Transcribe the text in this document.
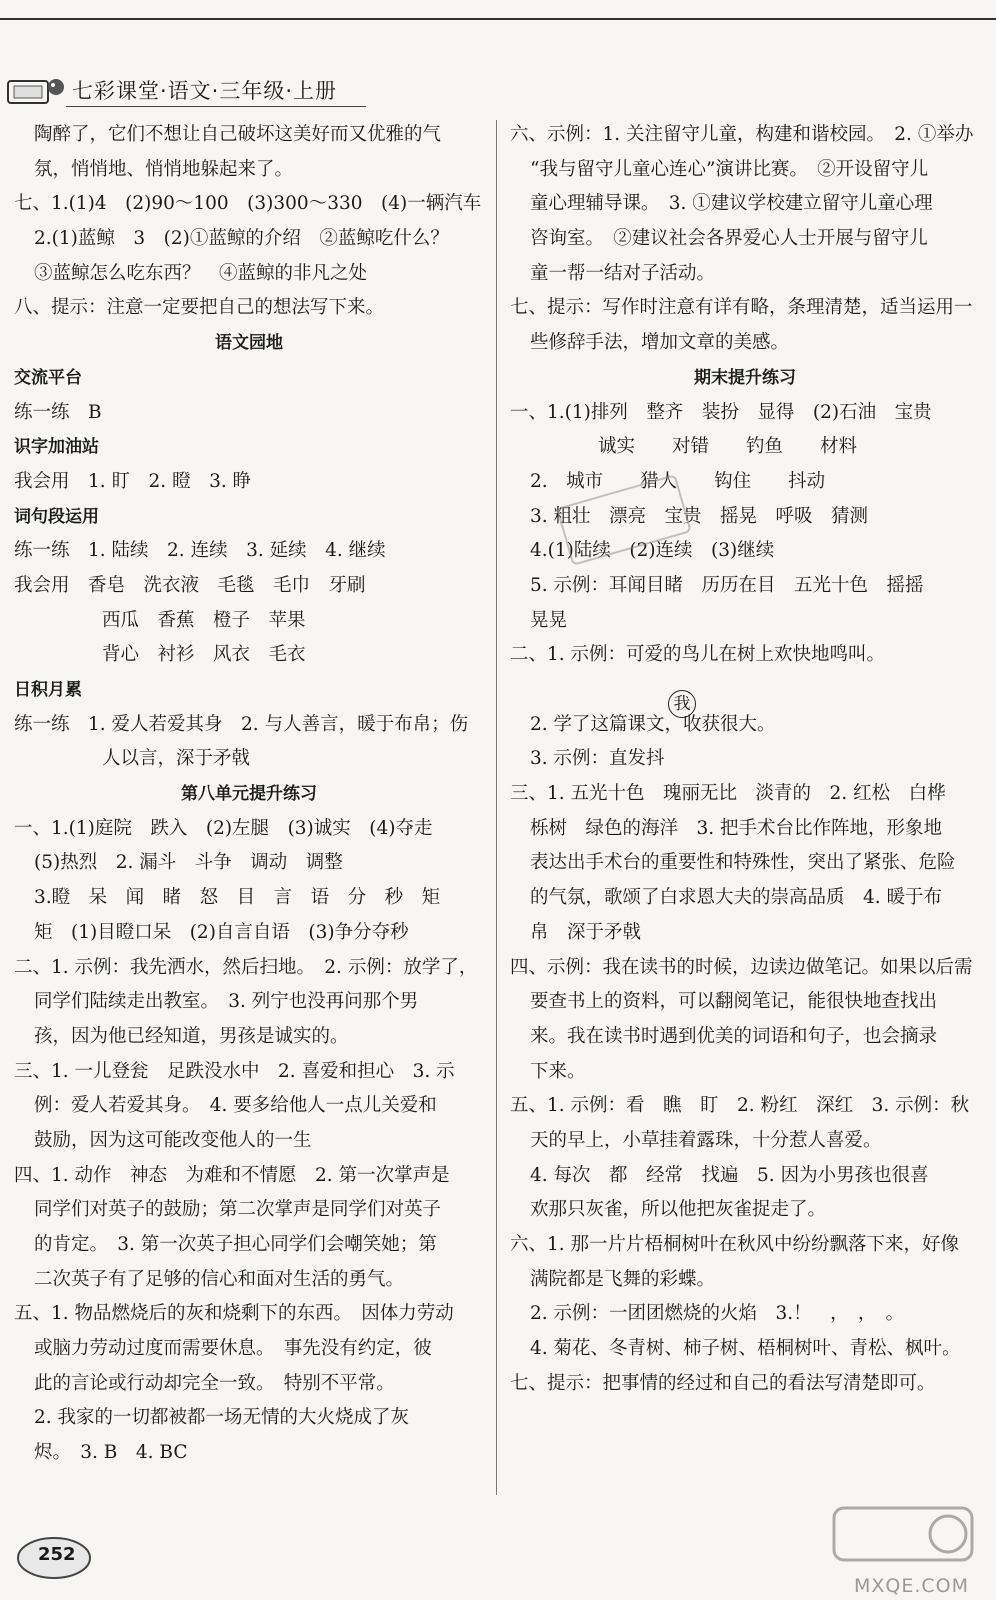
七彩课堂·语文·三年级·上册
陶醉了，它们不想让自己破坏这美好而又优雅的气
氛，悄悄地、悄悄地躲起来了。
七、1.(1)4　(2)90～100　(3)300～330　(4)一辆汽车
2.(1)蓝鲸　3　(2)①蓝鲸的介绍　②蓝鲸吃什么？
③蓝鲸怎么吃东西？　④蓝鲸的非凡之处
八、提示：注意一定要把自己的想法写下来。
语文园地
交流平台
练一练　B
识字加油站
我会用　1. 盯　2. 瞪　3. 睁
词句段运用
练一练　1. 陆续　2. 连续　3. 延续　4. 继续
我会用　香皂　洗衣液　毛毯　毛巾　牙刷
西瓜　香蕉　橙子　苹果
背心　衬衫　风衣　毛衣
日积月累
练一练　1. 爱人若爱其身　2. 与人善言，暖于布帛；伤
人以言，深于矛戟
第八单元提升练习
一、1.(1)庭院　跌入　(2)左腿　(3)诚实　(4)夺走
(5)热烈　2. 漏斗　斗争　调动　调整
3.瞪　呆　闻　睹　怒　目　言　语　分　秒　矩
矩　(1)目瞪口呆　(2)自言自语　(3)争分夺秒
二、1. 示例：我先洒水，然后扫地。　2. 示例：放学了，
同学们陆续走出教室。　3. 列宁也没再问那个男
孩，因为他已经知道，男孩是诚实的。
三、1. 一儿登瓮　足跌没水中　2. 喜爱和担心　3. 示
例：爱人若爱其身。　4. 要多给他人一点儿关爱和
鼓励，因为这可能改变他人的一生
四、1. 动作　神态　为难和不情愿　2. 第一次掌声是
同学们对英子的鼓励；第二次掌声是同学们对英子
的肯定。　3. 第一次英子担心同学们会嘲笑她；第
二次英子有了足够的信心和面对生活的勇气。
五、1. 物品燃烧后的灰和烧剩下的东西。　因体力劳动
或脑力劳动过度而需要休息。　事先没有约定，彼
此的言论或行动却完全一致。　特别不平常。
2. 我家的一切都被都一场无情的大火烧成了灰
烬。　3. B　4. BC
六、示例：1. 关注留守儿童，构建和谐校园。　2. ①举办
“我与留守儿童心连心”演讲比赛。　②开设留守儿
童心理辅导课。　3. ①建议学校建立留守儿童心理
咨询室。　②建议社会各界爱心人士开展与留守儿
童一帮一结对子活动。
七、提示：写作时注意有详有略，条理清楚，适当运用一
些修辞手法，增加文章的美感。
期末提升练习
一、1.(1)排列　整齐　装扮　显得　(2)石油　宝贵
诚实　　对错　　钓鱼　　材料
2.　城市　　猎人　　钩住　　抖动
3. 粗壮　漂亮　宝贵　摇晃　呼吸　猜测
4.(1)陆续　(2)连续　(3)继续
5. 示例：耳闻目睹　历历在目　五光十色　摇摇
晃晃
二、1. 示例：可爱的鸟儿在树上欢快地鸣叫。
2. 学了这篇课文，收获很大。
3. 示例：直发抖
三、1. 五光十色　瑰丽无比　淡青的　2. 红松　白桦
栎树　绿色的海洋　3. 把手术台比作阵地，形象地
表达出手术台的重要性和特殊性，突出了紧张、危险
的气氛，歌颂了白求恩大夫的崇高品质　4. 暖于布
帛　深于矛戟
四、示例：我在读书的时候，边读边做笔记。如果以后需
要查书上的资料，可以翻阅笔记，能很快地查找出
来。我在读书时遇到优美的词语和句子，也会摘录
下来。
五、1. 示例：看　瞧　盯　2. 粉红　深红　3. 示例：秋
天的早上，小草挂着露珠，十分惹人喜爱。
4. 每次　都　经常　找遍　5. 因为小男孩也很喜
欢那只灰雀，所以他把灰雀捉走了。
六、1. 那一片片梧桐树叶在秋风中纷纷飘落下来，好像
满院都是飞舞的彩蝶。
2. 示例：一团团燃烧的火焰　3.！　，　，　。
4. 菊花、冬青树、柿子树、梧桐树叶、青松、枫叶。
七、提示：把事情的经过和自己的看法写清楚即可。
我
252
MXQE.COM
